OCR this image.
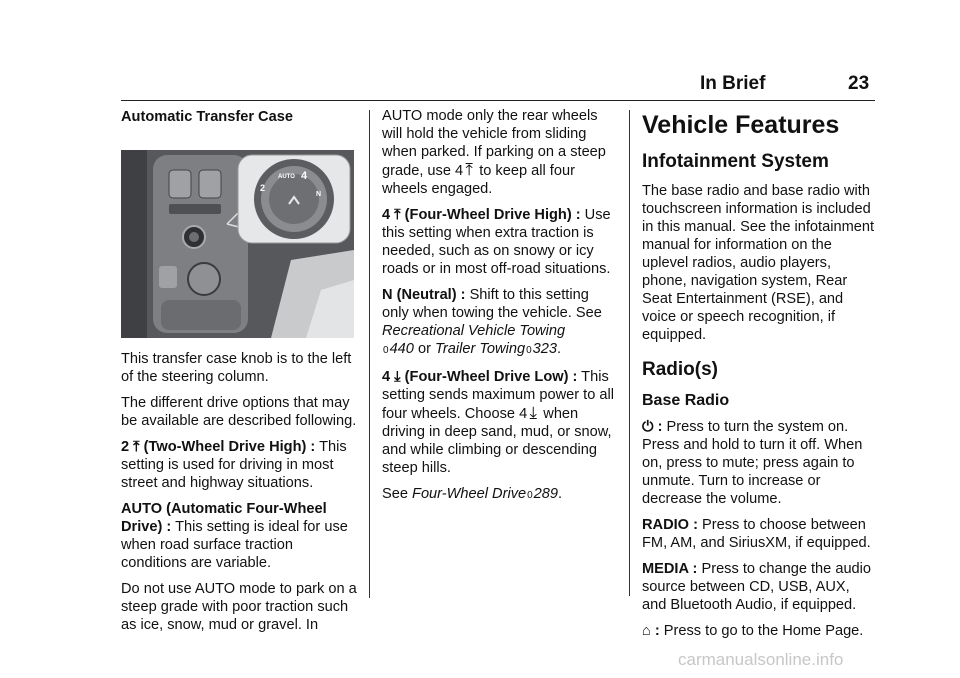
In Brief	23

Automatic Transfer Case

AUTO
2
4
N

This transfer case knob is to the left of the steering column.

The different drive options that may be available are described following.

2 ⤒ (Two-Wheel Drive High) : This setting is used for driving in most street and highway situations.

AUTO (Automatic Four-Wheel Drive) : This setting is ideal for use when road surface traction conditions are variable.

Do not use AUTO mode to park on a steep grade with poor traction such as ice, snow, mud or gravel. In

AUTO mode only the rear wheels will hold the vehicle from sliding when parked. If parking on a steep grade, use 4 ⤒ to keep all four wheels engaged.

4 ⤒ (Four-Wheel Drive High) : Use this setting when extra traction is needed, such as on snowy or icy roads or in most off-road situations.

N (Neutral) : Shift to this setting only when towing the vehicle. See Recreational Vehicle Towing
0440 or Trailer Towing0323.

4 ⤓ (Four-Wheel Drive Low) : This setting sends maximum power to all four wheels. Choose 4 ⤓ when driving in deep sand, mud, or snow, and while climbing or descending steep hills.

See Four-Wheel Drive0289.

Vehicle Features
Infotainment System

The base radio and base radio with touchscreen information is included in this manual. See the infotainment manual for information on the uplevel radios, audio players, phone, navigation system, Rear Seat Entertainment (RSE), and voice or speech recognition, if equipped.

Radio(s)
Base Radio

⏻ : Press to turn the system on. Press and hold to turn it off. When on, press to mute; press again to unmute. Turn to increase or decrease the volume.

RADIO : Press to choose between FM, AM, and SiriusXM, if equipped.

MEDIA : Press to change the audio source between CD, USB, AUX, and Bluetooth Audio, if equipped.

⌂ : Press to go to the Home Page.

carmanualsonline.info
